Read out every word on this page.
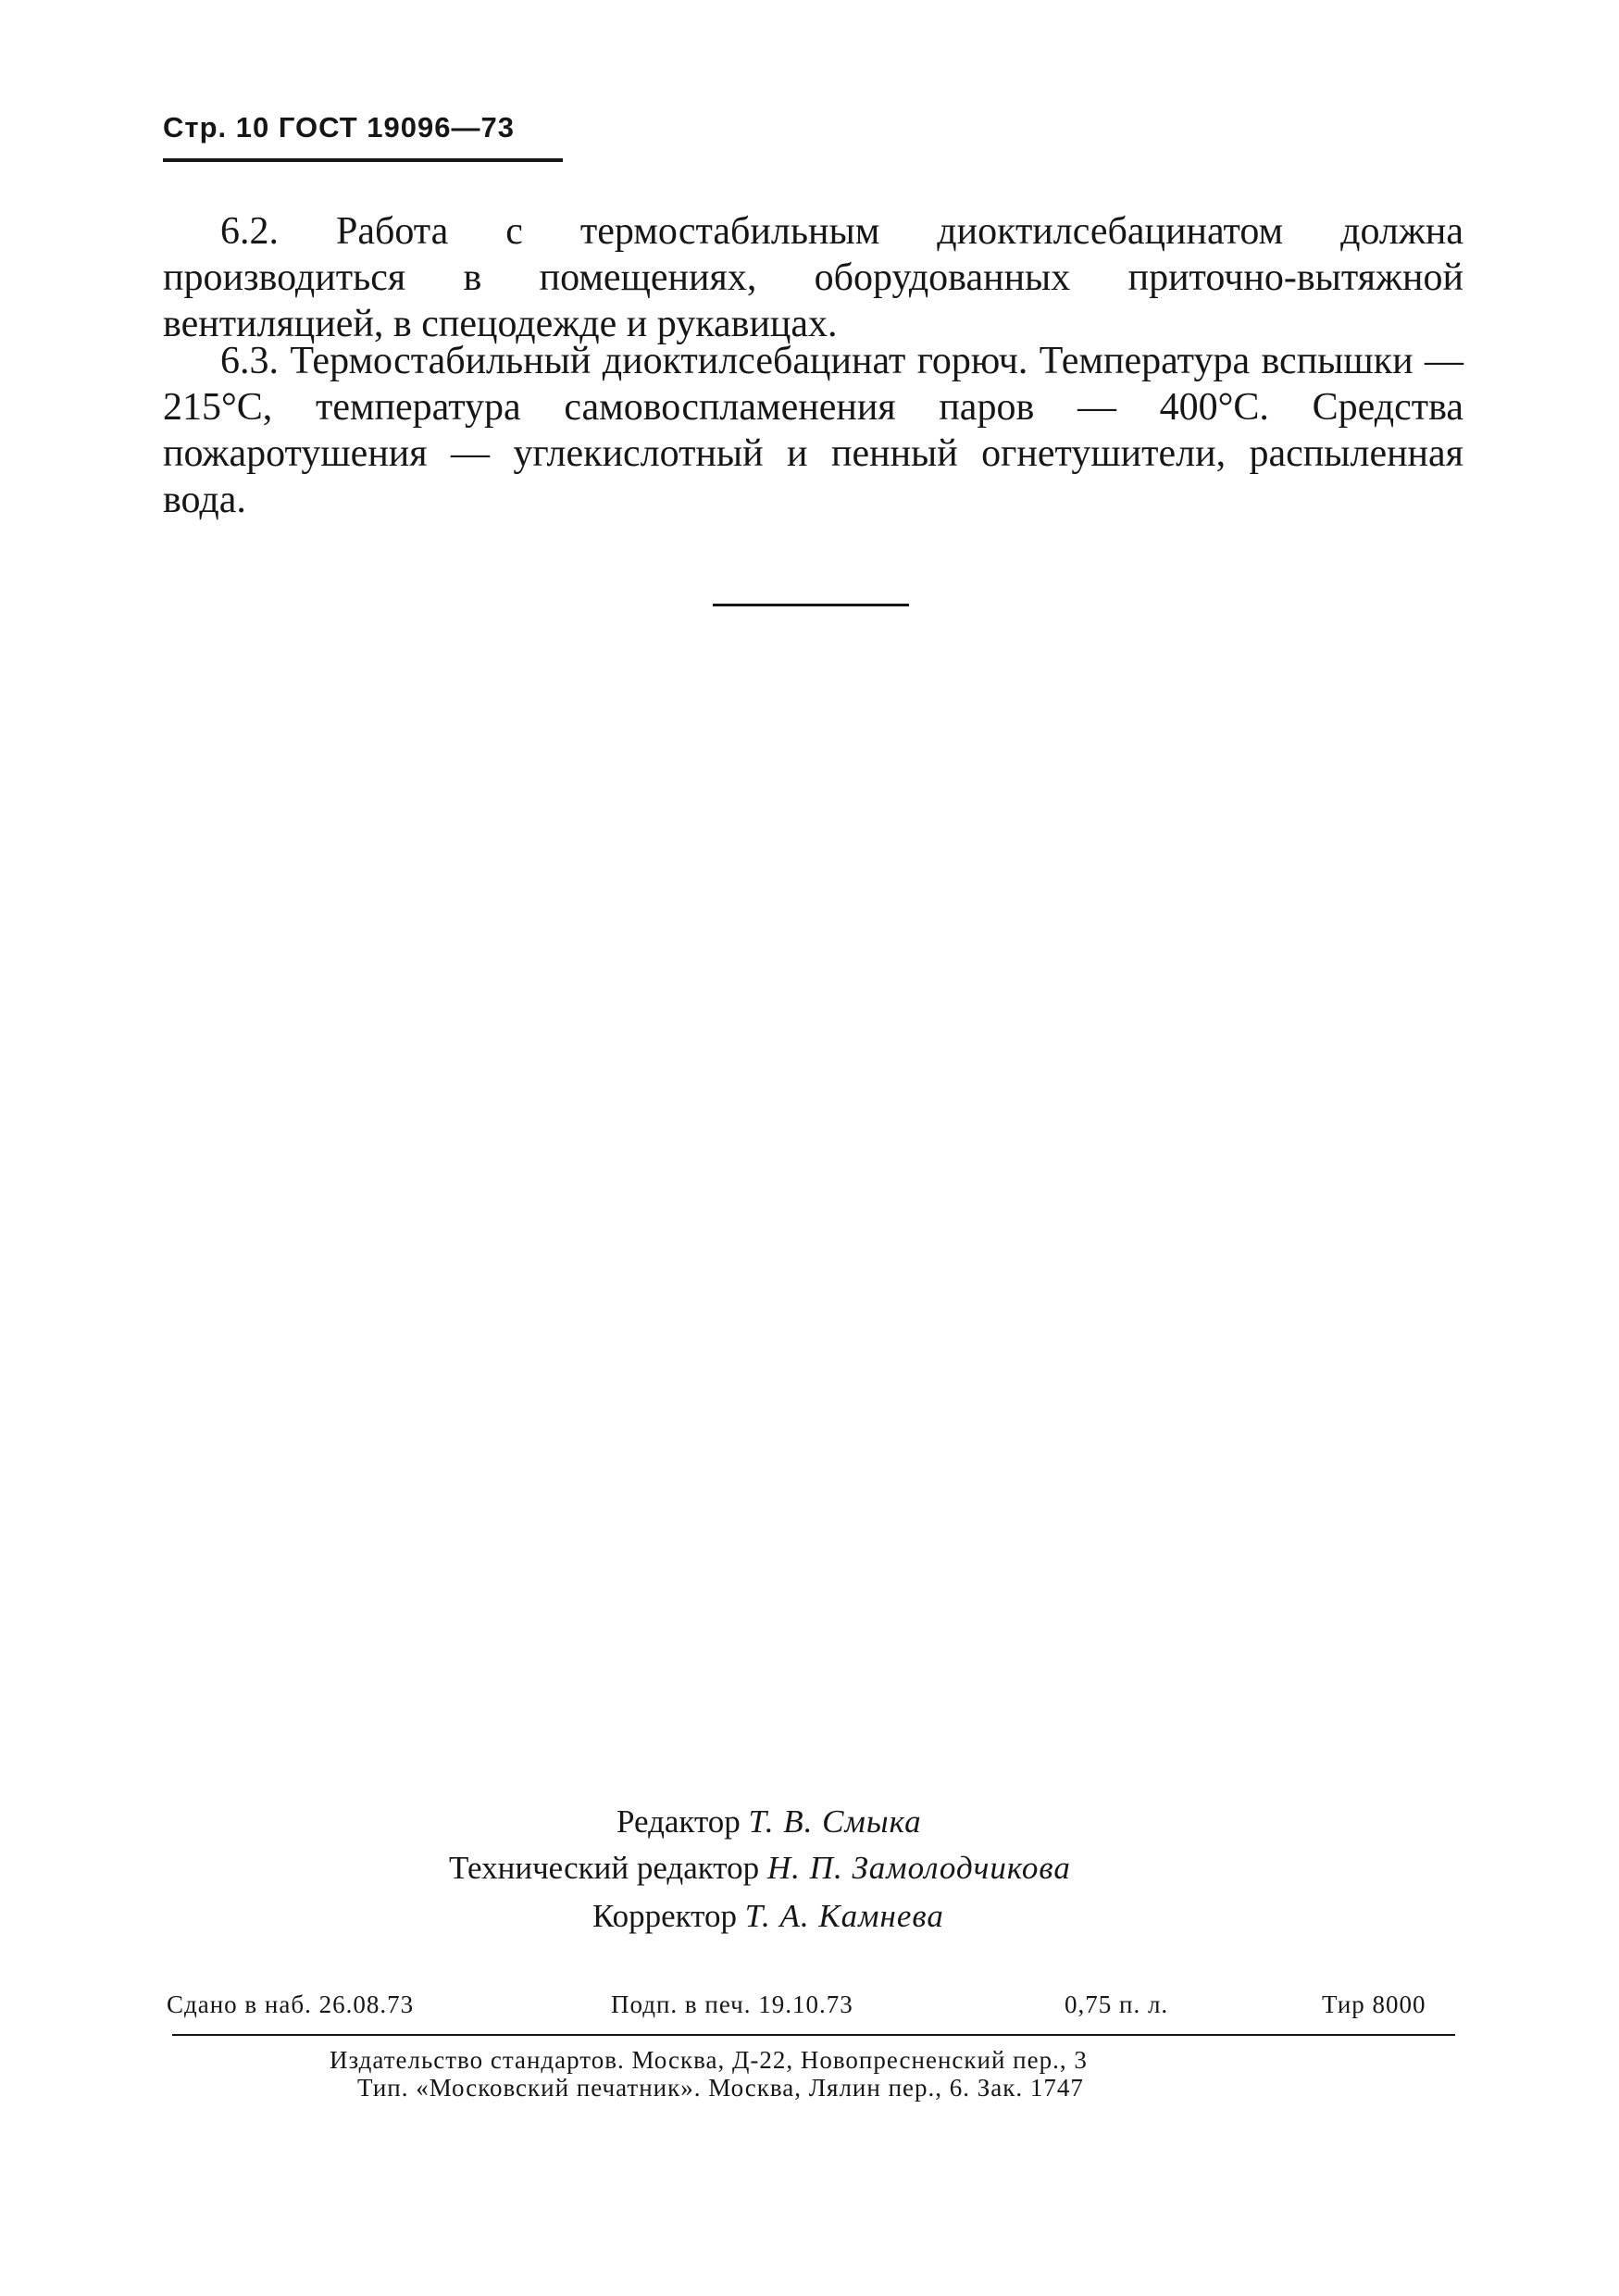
Стр. 10 ГОСТ 19096—73
6.2. Работа с термостабильным диоктилсебацинатом должна производиться в помещениях, оборудованных приточно-вытяжной вентиляцией, в спецодежде и рукавицах.
6.3. Термостабильный диоктилсебацинат горюч. Температура вспышки — 215°С, температура самовоспламенения паров — 400°С. Средства пожаротушения — углекислотный и пенный огнетушители, распыленная вода.
Редактор Т. В. Смыка
Технический редактор Н. П. Замолодчикова
Корректор Т. А. Камнева
Сдано в наб. 26.08.73	Подп. в печ. 19.10.73	0,75 п. л.	Тир 8000
Издательство стандартов. Москва, Д-22, Новопресненский пер., 3
Тип. «Московский печатник». Москва, Лялин пер., 6. Зак. 1747
